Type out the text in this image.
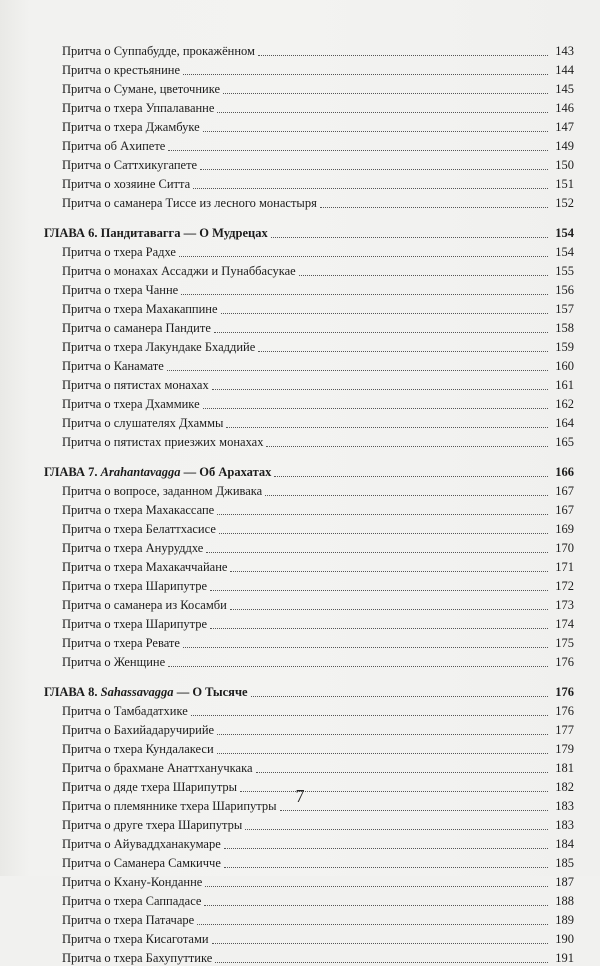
Притча о Суппабудде, прокажённом	143
Притча о крестьянине	144
Притча о Сумане, цветочнике	145
Притча о тхера Уппалаванне	146
Притча о тхера Джамбуке	147
Притча об Ахипете	149
Притча о Саттхикугапете	150
Притча о хозяине Ситта	151
Притча о саманера Тиссе из лесного монастыря	152
ГЛАВА 6. Пандитавагга — О Мудрецах	154
Притча о тхера Радхе	154
Притча о монахах Ассаджи и Пунаббасукае	155
Притча о тхера Чанне	156
Притча о тхера Махакаппине	157
Притча о саманера Пандите	158
Притча о тхера Лакундаке Бхаддийе	159
Притча о Канамате	160
Притча о пятистах монахах	161
Притча о тхера Дхаммике	162
Притча о слушателях Дхаммы	164
Притча о пятистах приезжих монахах	165
ГЛАВА 7. Arahantavagga — Об Арахатах	166
Притча о вопросе, заданном Дживака	167
Притча о тхера Махакассапе	167
Притча о тхера Белаттхасисе	169
Притча о тхера Ануруддхе	170
Притча о тхера Махакаччайане	171
Притча о тхера Шарипутре	172
Притча о саманера из Косамби	173
Притча о тхера Шарипутре	174
Притча о тхера Ревате	175
Притча о Женщине	176
ГЛАВА 8. Sahassavagga — О Тысяче	176
Притча о Тамбадатхике	176
Притча о Бахийадаручирийе	177
Притча о тхера Кундалакеси	179
Притча о брахмане Анаттханучкака	181
Притча о дяде тхера Шарипутры	182
Притча о племяннике тхера Шарипутры	183
Притча о друге тхера Шарипутры	183
Притча о Айуваддханакумаре	184
Притча о Саманера Самкичче	185
Притча о Кхану-Конданне	187
Притча о тхера Саппадасе	188
Притча о тхера Патачаре	189
Притча о тхера Кисаготами	190
Притча о тхера Бахупуттике	191
7
